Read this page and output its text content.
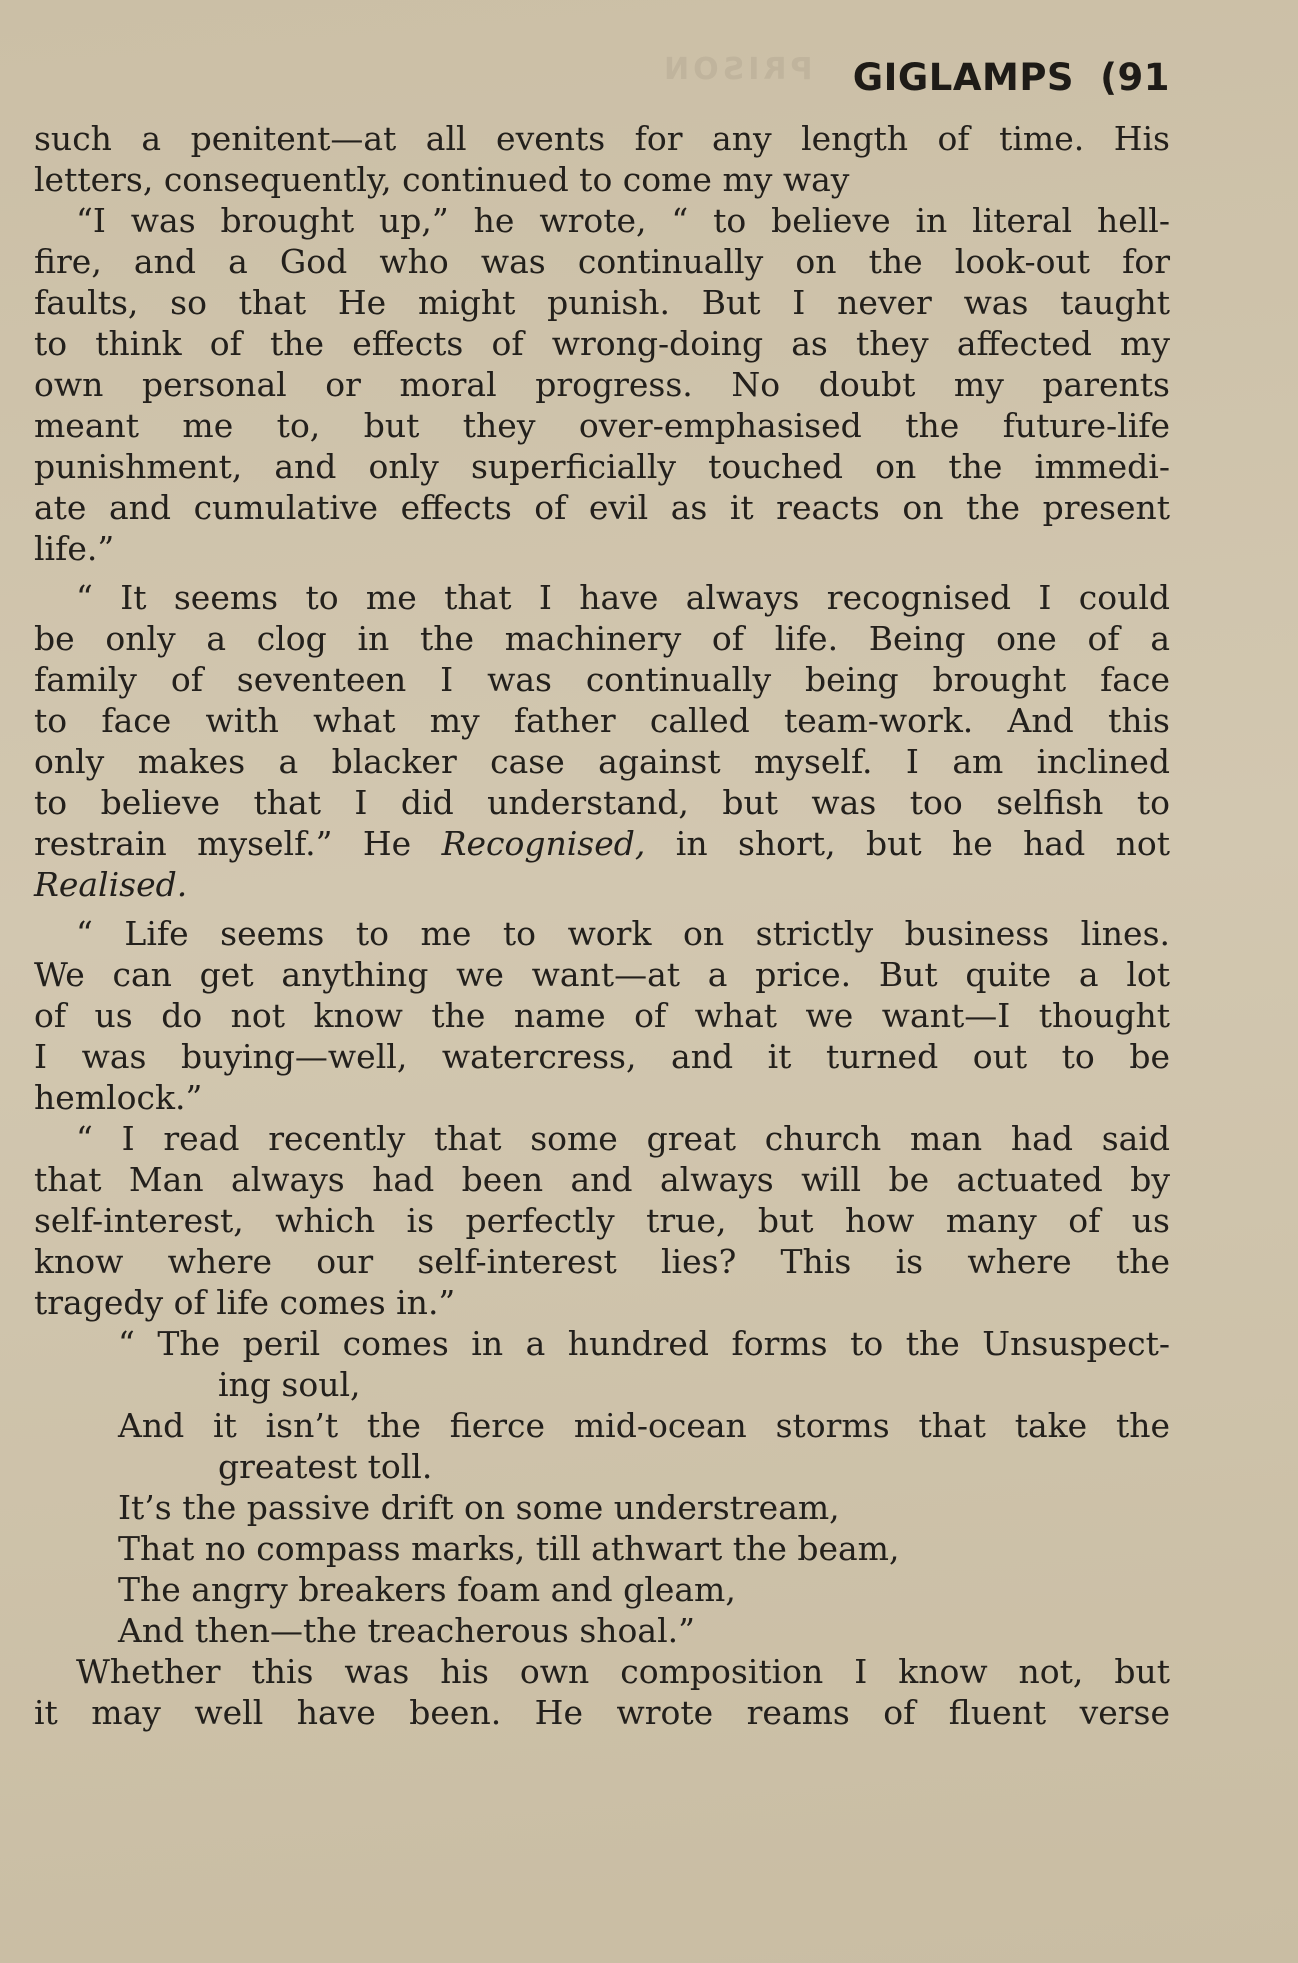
PRISON GIGLAMPS (91
such a penitent—at all events for any length of time. His
letters, consequently, continued to come my way
“I was brought up,” he wrote, “ to believe in literal hell-
fire, and a God who was continually on the look-out for
faults, so that He might punish. But I never was taught
to think of the effects of wrong-doing as they affected my
own personal or moral progress. No doubt my parents
meant me to, but they over-emphasised the future-life
punishment, and only superficially touched on the immedi-
ate and cumulative effects of evil as it reacts on the present
life.”
“ It seems to me that I have always recognised I could
be only a clog in the machinery of life. Being one of a
family of seventeen I was continually being brought face
to face with what my father called team-work. And this
only makes a blacker case against myself. I am inclined
to believe that I did understand, but was too selfish to
restrain myself.” He Recognised, in short, but he had not
Realised.
“ Life seems to me to work on strictly business lines.
We can get anything we want—at a price. But quite a lot
of us do not know the name of what we want—I thought
I was buying—well, watercress, and it turned out to be
hemlock.”
“ I read recently that some great church man had said
that Man always had been and always will be actuated by
self-interest, which is perfectly true, but how many of us
know where our self-interest lies? This is where the
tragedy of life comes in.”
“ The peril comes in a hundred forms to the Unsuspect-
ing soul,
And it isn’t the fierce mid-ocean storms that take the
greatest toll.
It’s the passive drift on some understream,
That no compass marks, till athwart the beam,
The angry breakers foam and gleam,
And then—the treacherous shoal.”
Whether this was his own composition I know not, but
it may well have been. He wrote reams of fluent verse
